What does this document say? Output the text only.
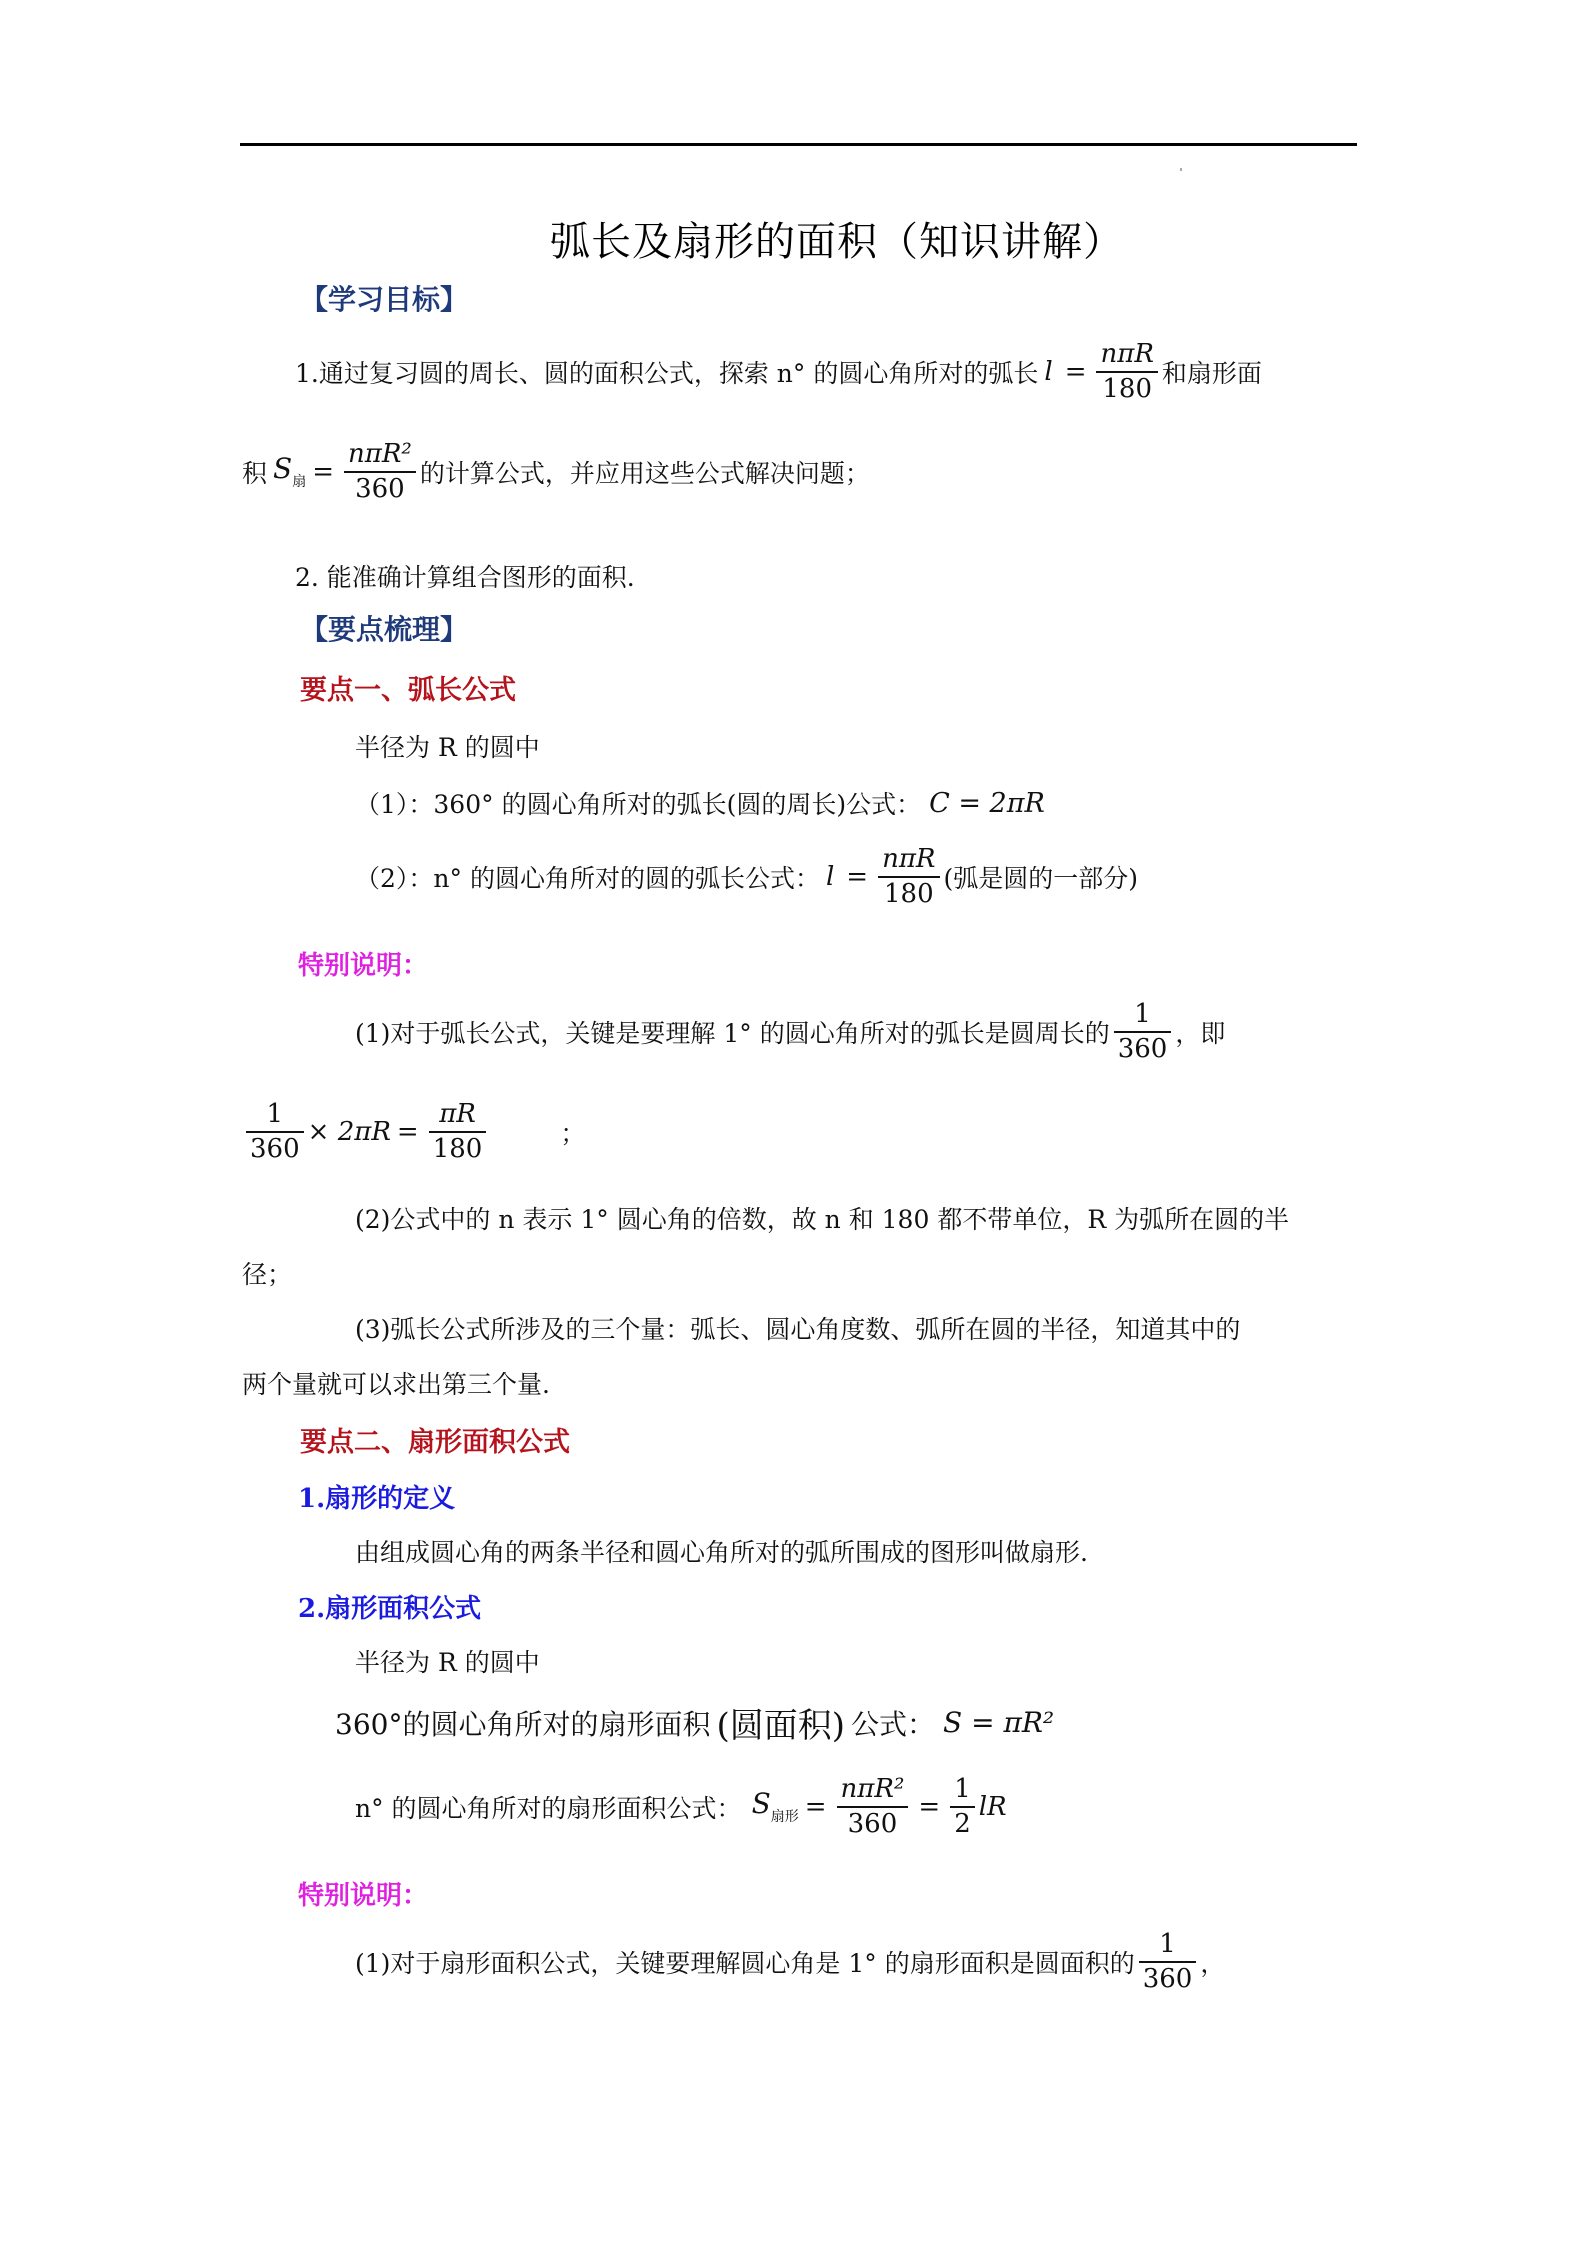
弧长及扇形的面积（知识讲解）
【学习目标】
1.通过复习圆的周长、圆的面积公式，探索 n° 的圆心角所对的弧长 $l = \frac{\text{nπR}}{180}$ 和扇形面
积 $S_扇 = \frac{\text{nπR²}}{360}$ 的计算公式，并应用这些公式解决问题；
2. 能准确计算组合图形的面积.
【要点梳理】
要点一、弧长公式
半径为 R 的圆中
（1）：360° 的圆心角所对的弧长(圆的周长)公式： C = 2πR
（2）：n° 的圆心角所对的圆的弧长公式： $l = \frac{\text{nπR}}{180}$ (弧是圆的一部分)
特别说明：
(1)对于弧长公式，关键是要理解 1° 的圆心角所对的弧长是圆周长的 $\frac{1}{360}$ ，即
$\frac{1}{360} \times 2\pi R = \frac{\pi R}{180}$	；
(2)公式中的 n 表示 1° 圆心角的倍数，故 n 和 180 都不带单位，R 为弧所在圆的半
径；
(3)弧长公式所涉及的三个量：弧长、圆心角度数、弧所在圆的半径，知道其中的
两个量就可以求出第三个量.
要点二、扇形面积公式
1.扇形的定义
由组成圆心角的两条半径和圆心角所对的弧所围成的图形叫做扇形.
2.扇形面积公式
半径为 R 的圆中
360°的圆心角所对的扇形面积 (圆面积) 公式： S = πR²
n° 的圆心角所对的扇形面积公式： $S_{扇形} = \frac{\text{nπR²}}{360} = \frac{1}{2}$ lR
特别说明：
(1)对于扇形面积公式，关键要理解圆心角是 1° 的扇形面积是圆面积的 $\frac{1}{360}$ ，
